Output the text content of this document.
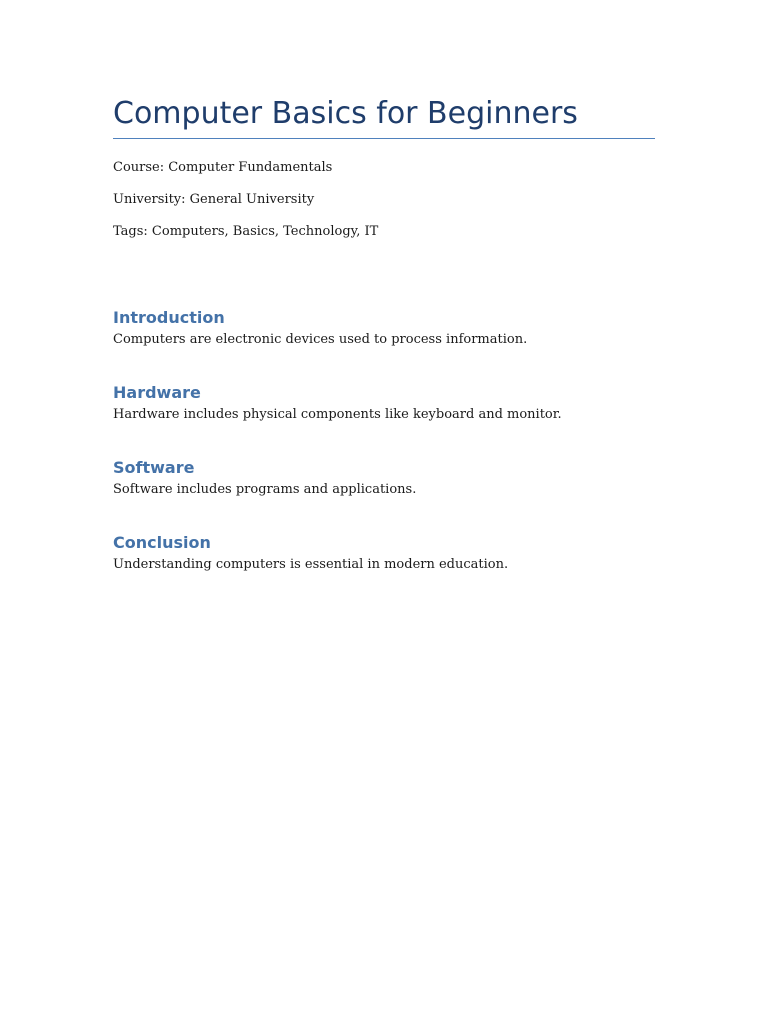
Computer Basics for Beginners

Course: Computer Fundamentals

University: General University

Tags: Computers, Basics, Technology, IT

Introduction

Computers are electronic devices used to process information.

Hardware

Hardware includes physical components like keyboard and monitor.

Software

Software includes programs and applications.

Conclusion

Understanding computers is essential in modern education.
